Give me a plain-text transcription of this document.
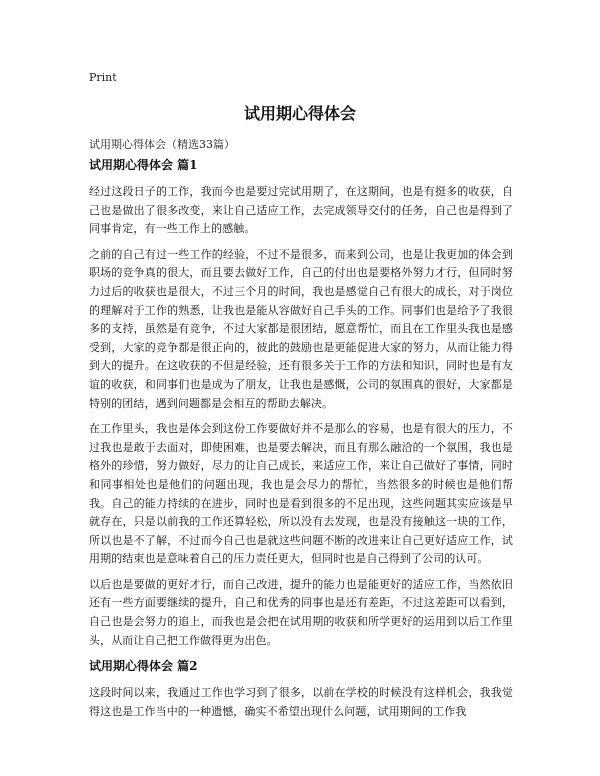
Print
试用期心得体会
试用期心得体会（精选33篇）
试用期心得体会 篇1

经过这段日子的工作，我而今也是要过完试用期了，在这期间，也是有挺多的收获，自己也是做出了很多改变，来让自己适应工作，去完成领导交付的任务，自己也是得到了同事肯定，有一些工作上的感触。

之前的自己有过一些工作的经验，不过不是很多，而来到公司，也是让我更加的体会到职场的竞争真的很大，而且要去做好工作，自己的付出也是要格外努力才行，但同时努力过后的收获也是很大，不过三个月的时间，我也是感觉自己有很大的成长，对于岗位的理解对于工作的熟悉，让我也是能从容做好自己手头的工作。同事们也是给予了我很多的支持，虽然是有竞争，不过大家都是很团结，愿意帮忙，而且在工作里头我也是感受到，大家的竞争都是很正向的，彼此的鼓励也是更能促进大家的努力，从而让能力得到大的提升。在这收获的不但是经验，还有很多关于工作的方法和知识，同时也是有友谊的收获，和同事们也是成为了朋友，让我也是感慨，公司的氛围真的很好，大家都是特别的团结，遇到问题都是会相互的帮助去解决。

在工作里头，我也是体会到这份工作要做好并不是那么的容易，也是有很大的压力，不过我也是敢于去面对，即使困难，也是要去解决，而且有那么融洽的一个氛围，我也是格外的珍惜，努力做好，尽力的让自己成长，来适应工作，来让自己做好了事情，同时和同事相处也是他们的问题出现，我也是会尽力的帮忙，当然很多的时候也是他们帮我。自己的能力持续的在进步，同时也是看到很多的不足出现，这些问题其实应该是早就存在，只是以前我的工作还算轻松，所以没有去发现，也是没有接触这一块的工作，所以也是不了解，不过而今自己也是就这些问题不断的改进来让自己更好适应工作，试用期的结束也是意味着自己的压力责任更大，但同时也是自己得到了公司的认可。

以后也是要做的更好才行，而自己改进，提升的能力也是能更好的适应工作，当然依旧还有一些方面要继续的提升，自己和优秀的同事也是还有差距，不过这差距可以看到，自己也是会努力的追上，而我也是会把在试用期的收获和所学更好的运用到以后工作里头，从而让自己把工作做得更为出色。

试用期心得体会 篇2

这段时间以来，我通过工作也学习到了很多，以前在学校的时候没有这样机会，我我觉得这也是工作当中的一种遗憾，确实不希望出现什么问题，试用期间的工作我
